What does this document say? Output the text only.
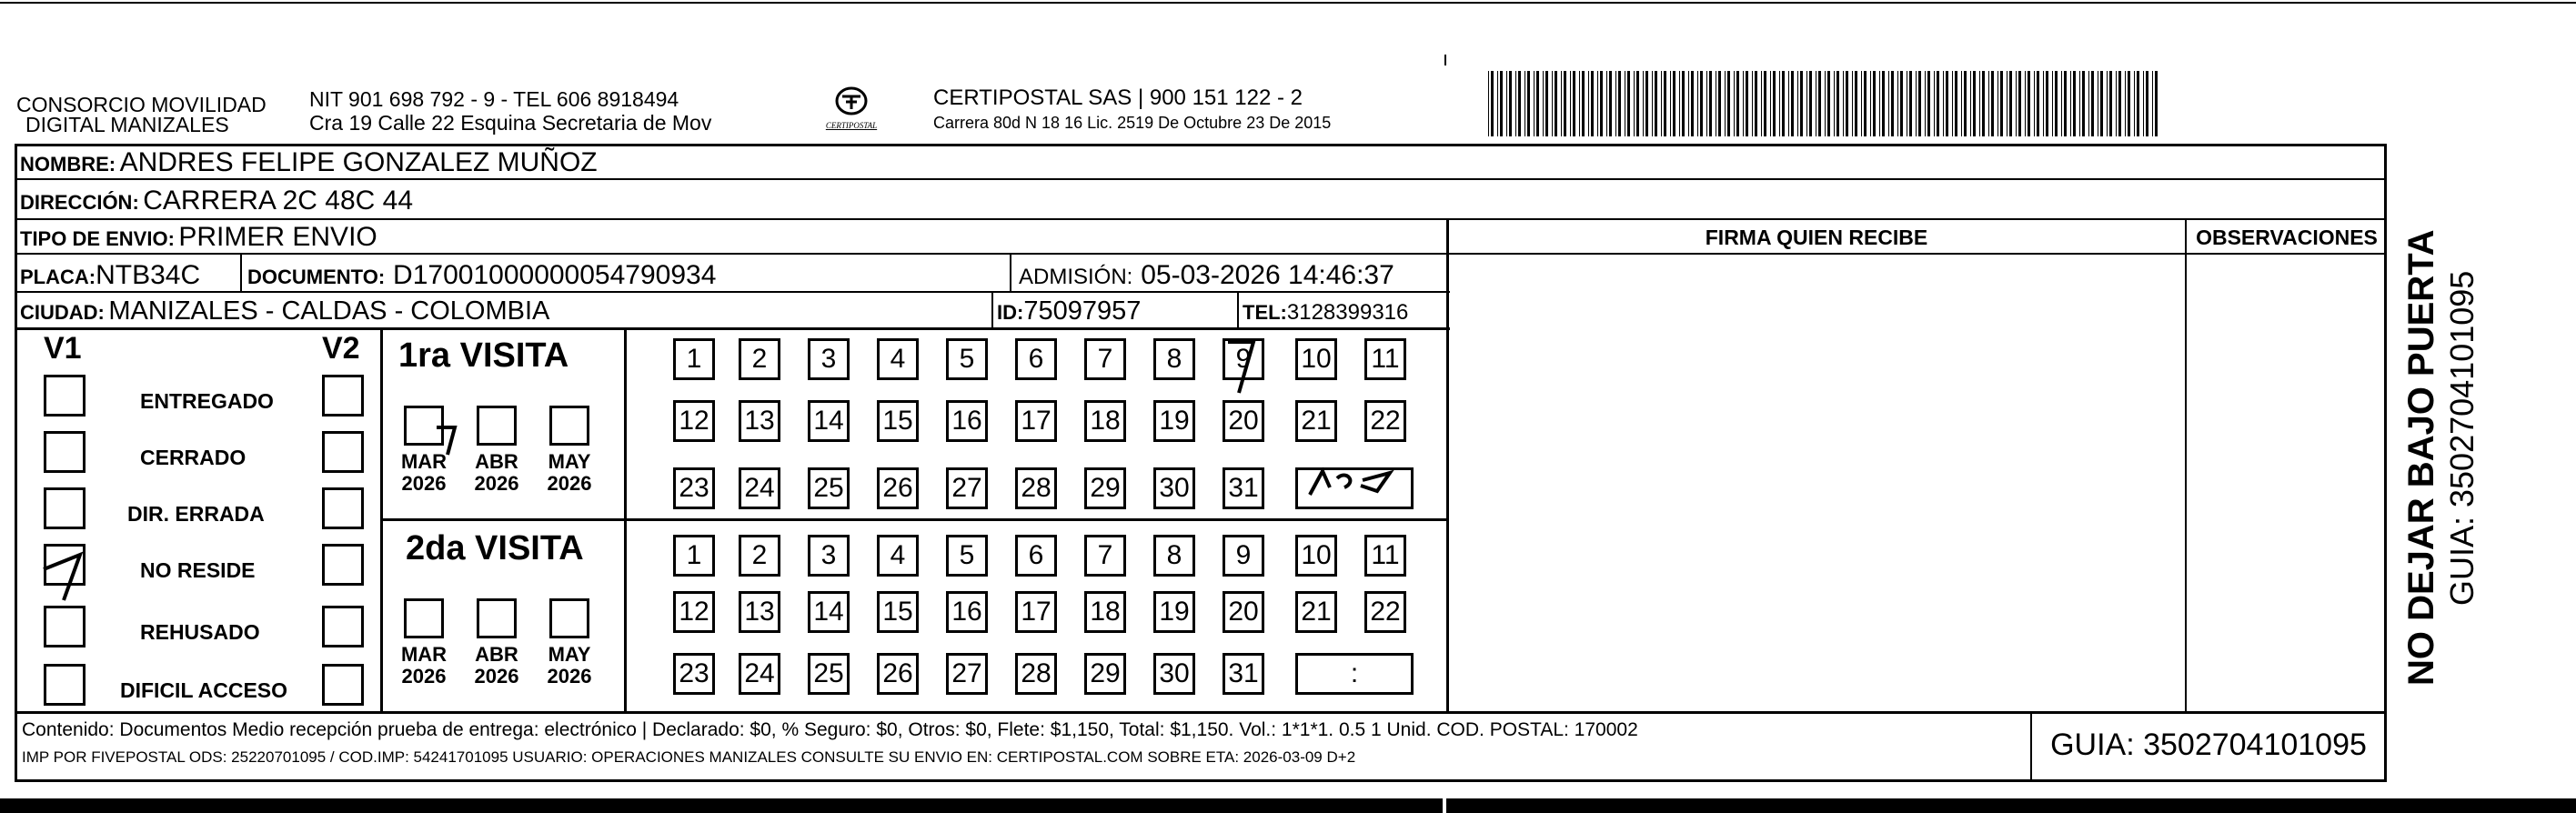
CONSORCIO MOVILIDAD
DIGITAL MANIZALES
NIT 901 698 792 - 9 - TEL 606 8918494
Cra 19 Calle 22 Esquina Secretaria de Mov	CERTIPOSTAL
CERTIPOSTAL SAS | 900 151 122 - 2
Carrera 80d N 18 16 Lic. 2519 De Octubre 23 De 2015
NOMBRE: ANDRES FELIPE GONZALEZ MUÑOZ
DIRECCIÓN: CARRERA 2C 48C 44
TIPO DE ENVIO: PRIMER ENVIO
PLACA:NTB34C DOCUMENTO: D17001000000054790934	ADMISIÓN: 05-03-2026 14:46:37
CIUDAD: MANIZALES - CALDAS - COLOMBIA	ID:75097957	TEL:3128399316
V1	V2
ENTREGADO
CERRADO
DIR. ERRADA
NO RESIDE
REHUSADO
DIFICIL ACCESO
1ra VISITA
2da VISITA
MAR
2026
ABR
2026
MAY
2026
MAR
2026
ABR
2026
MAY
2026
1	2	3	4	5	6	7	8	9	10 11
12 13 14 15 16 17 18 19 20 21 22
23 24 25 26 27 28 29 30 31
1	2	3	4	5	6	7	8	9	10 11
12 13 14 15 16 17 18 19 20 21 22
23 24 25 26 27 28 29 30 31	:
FIRMA QUIEN RECIBE	OBSERVACIONES NO DEJAR BAJO PUERTA GUIA: 3502704101095
Contenido: Documentos Medio recepción prueba de entrega: electrónico | Declarado: $0, % Seguro: $0, Otros: $0, Flete: $1,150, Total: $1,150. Vol.: 1*1*1. 0.5 1 Unid. COD. POSTAL: 170002
IMP POR FIVEPOSTAL ODS: 25220701095 / COD.IMP: 54241701095 USUARIO: OPERACIONES MANIZALES CONSULTE SU ENVIO EN: CERTIPOSTAL.COM SOBRE ETA: 2026-03-09 D+2	GUIA: 3502704101095
